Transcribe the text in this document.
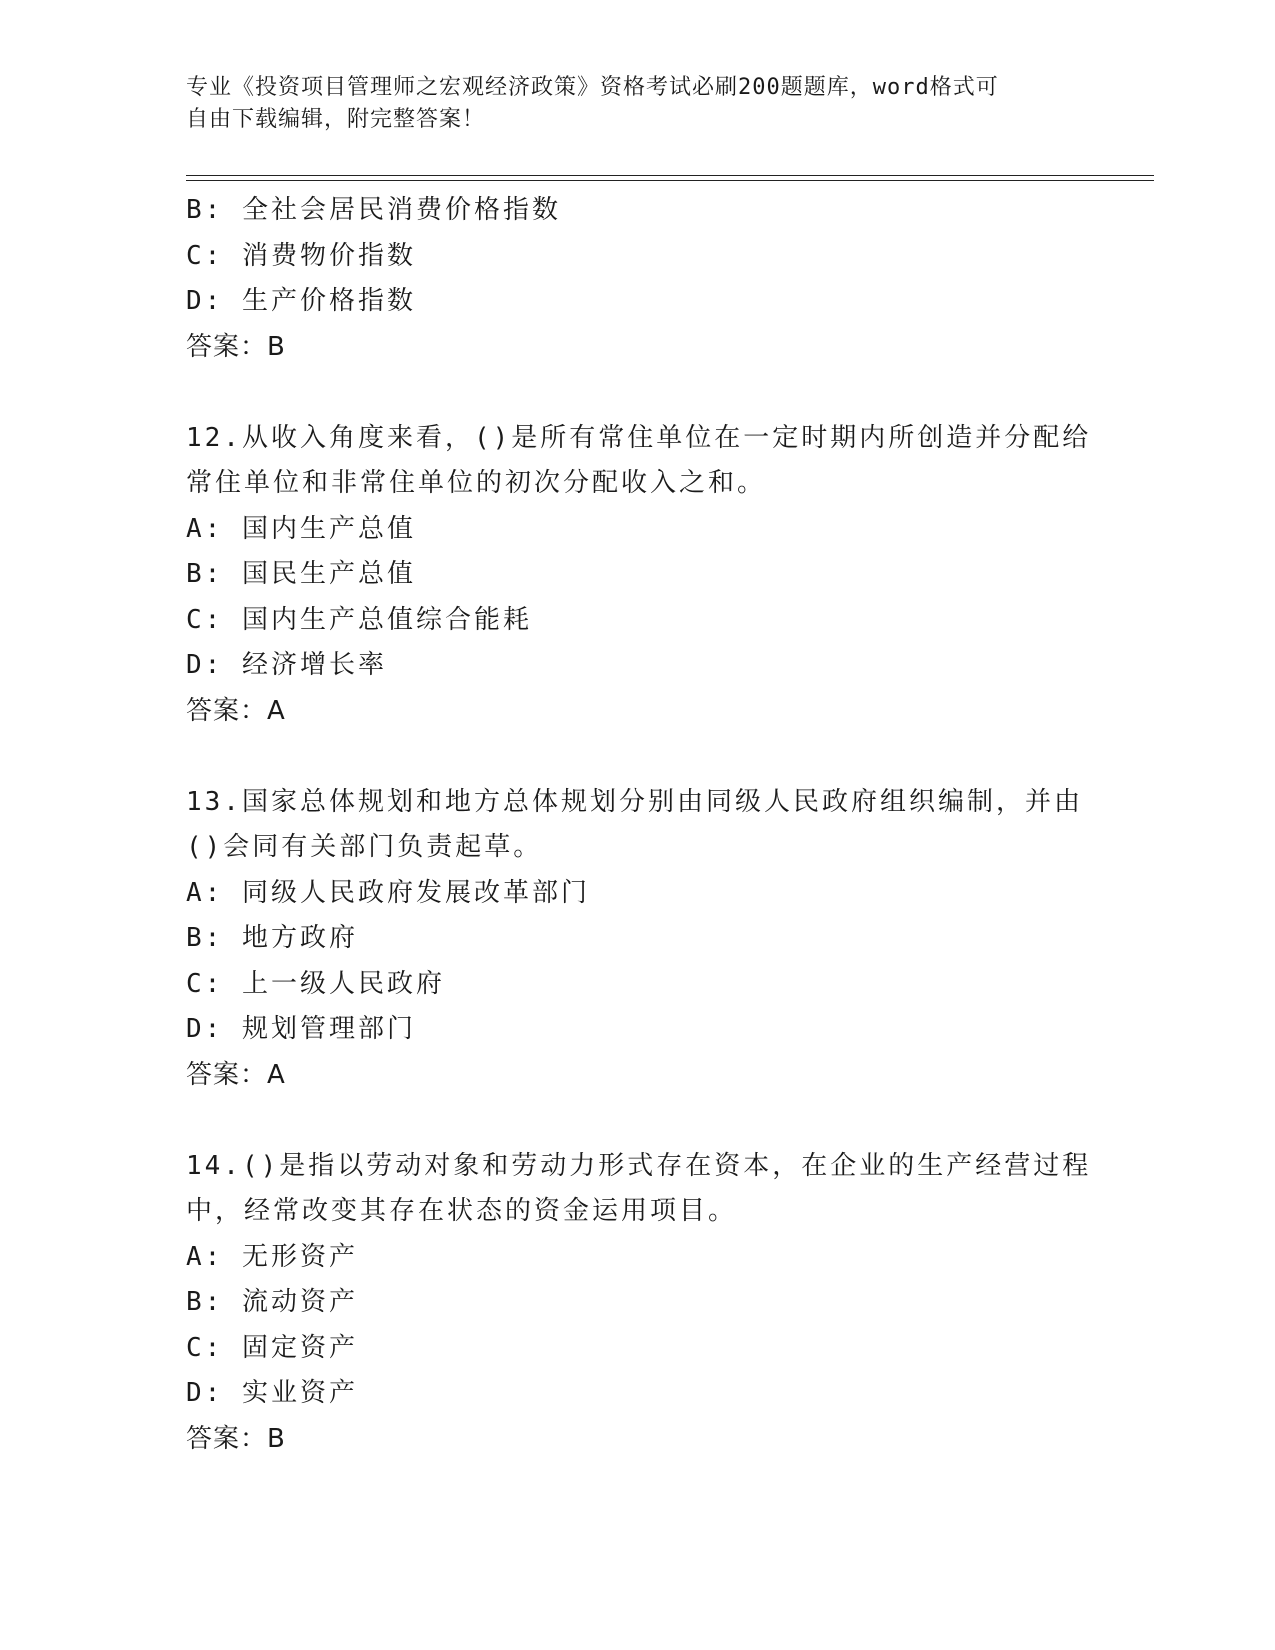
专业《投资项目管理师之宏观经济政策》资格考试必刷200题题库，word格式可
自由下载编辑，附完整答案！
B: 全社会居民消费价格指数
C: 消费物价指数
D: 生产价格指数
答案：B
12.从收入角度来看，()是所有常住单位在一定时期内所创造并分配给
常住单位和非常住单位的初次分配收入之和。
A: 国内生产总值
B: 国民生产总值
C: 国内生产总值综合能耗
D: 经济增长率
答案：A
13.国家总体规划和地方总体规划分别由同级人民政府组织编制，并由
()会同有关部门负责起草。
A: 同级人民政府发展改革部门
B: 地方政府
C: 上一级人民政府
D: 规划管理部门
答案：A
14.()是指以劳动对象和劳动力形式存在资本，在企业的生产经营过程
中，经常改变其存在状态的资金运用项目。
A: 无形资产
B: 流动资产
C: 固定资产
D: 实业资产
答案：B
